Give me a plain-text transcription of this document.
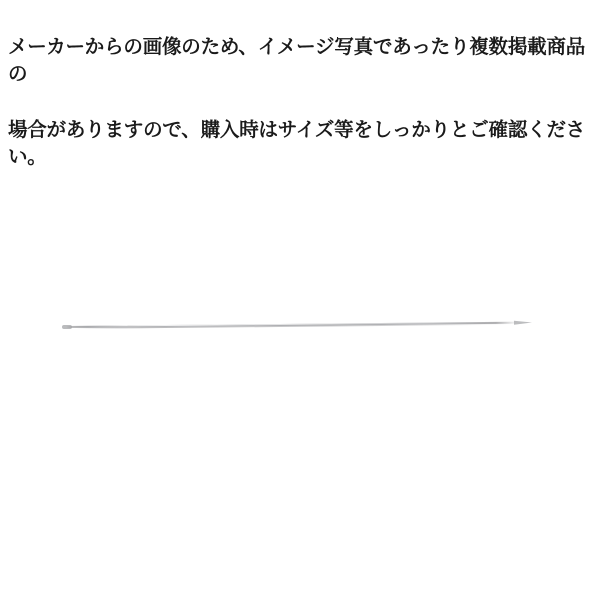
メーカーからの画像のため、イメージ写真であったり複数掲載商品の

場合がありますので、購入時はサイズ等をしっかりとご確認ください。
